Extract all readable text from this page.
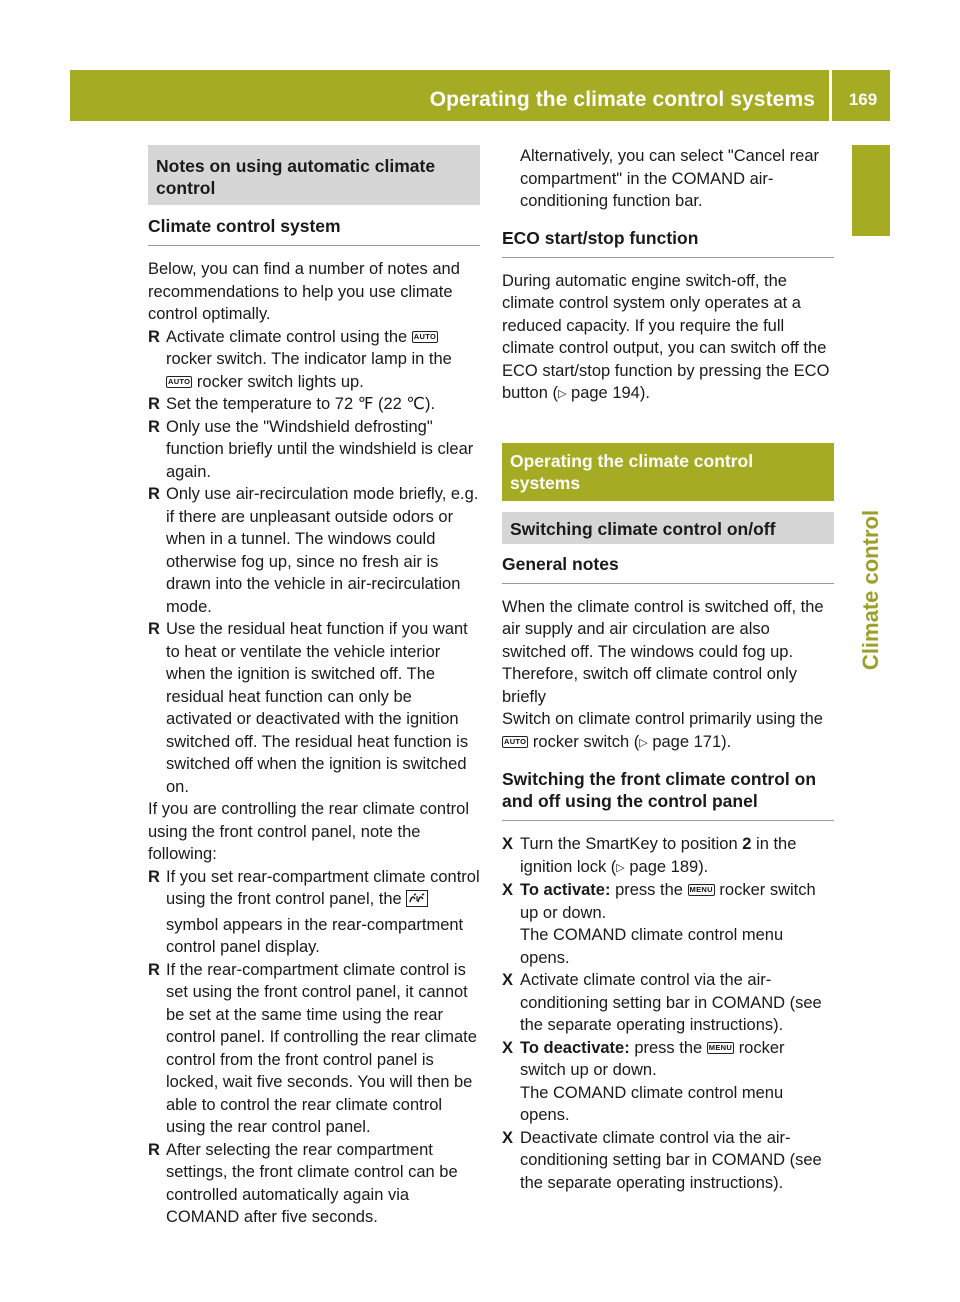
Operating the climate control systems	169
Climate control
Notes on using automatic climate control
Climate control system

Below, you can find a number of notes and recommendations to help you use climate control optimally.

R Activate climate control using the AUTO rocker switch. The indicator lamp in the AUTO rocker switch lights up.
R Set the temperature to 72 ℉ (22 ℃).
R Only use the "Windshield defrosting" function briefly until the windshield is clear again.
R Only use air-recirculation mode briefly, e.g. if there are unpleasant outside odors or when in a tunnel. The windows could otherwise fog up, since no fresh air is drawn into the vehicle in air-recirculation mode.
R Use the residual heat function if you want to heat or ventilate the vehicle interior when the ignition is switched off. The residual heat function can only be activated or deactivated with the ignition switched off. The residual heat function is switched off when the ignition is switched on.

If you are controlling the rear climate control using the front control panel, note the following:

R If you set rear-compartment climate control using the front control panel, the  symbol appears in the rear-compartment control panel display.
R If the rear-compartment climate control is set using the front control panel, it cannot be set at the same time using the rear control panel. If controlling the rear climate control from the front control panel is locked, wait five seconds. You will then be able to control the rear climate control using the rear control panel.
R After selecting the rear compartment settings, the front climate control can be controlled automatically again via COMAND after five seconds.
Alternatively, you can select "Cancel rear compartment" in the COMAND air-conditioning function bar.
ECO start/stop function

During automatic engine switch-off, the climate control system only operates at a reduced capacity. If you require the full climate control output, you can switch off the ECO start/stop function by pressing the ECO button (▷ page 194).

Operating the climate control systems
Switching climate control on/off
General notes

When the climate control is switched off, the air supply and air circulation are also switched off. The windows could fog up. Therefore, switch off climate control only briefly

Switch on climate control primarily using the AUTO rocker switch (▷ page 171).

Switching the front climate control on and off using the control panel
X Turn the SmartKey to position 2 in the ignition lock (▷ page 189).
X To activate: press the MENU rocker switch up or down.
The COMAND climate control menu opens.
X Activate climate control via the air-conditioning setting bar in COMAND (see the separate operating instructions).
X To deactivate: press the MENU rocker switch up or down.
The COMAND climate control menu opens.
X Deactivate climate control via the air-conditioning setting bar in COMAND (see the separate operating instructions).
